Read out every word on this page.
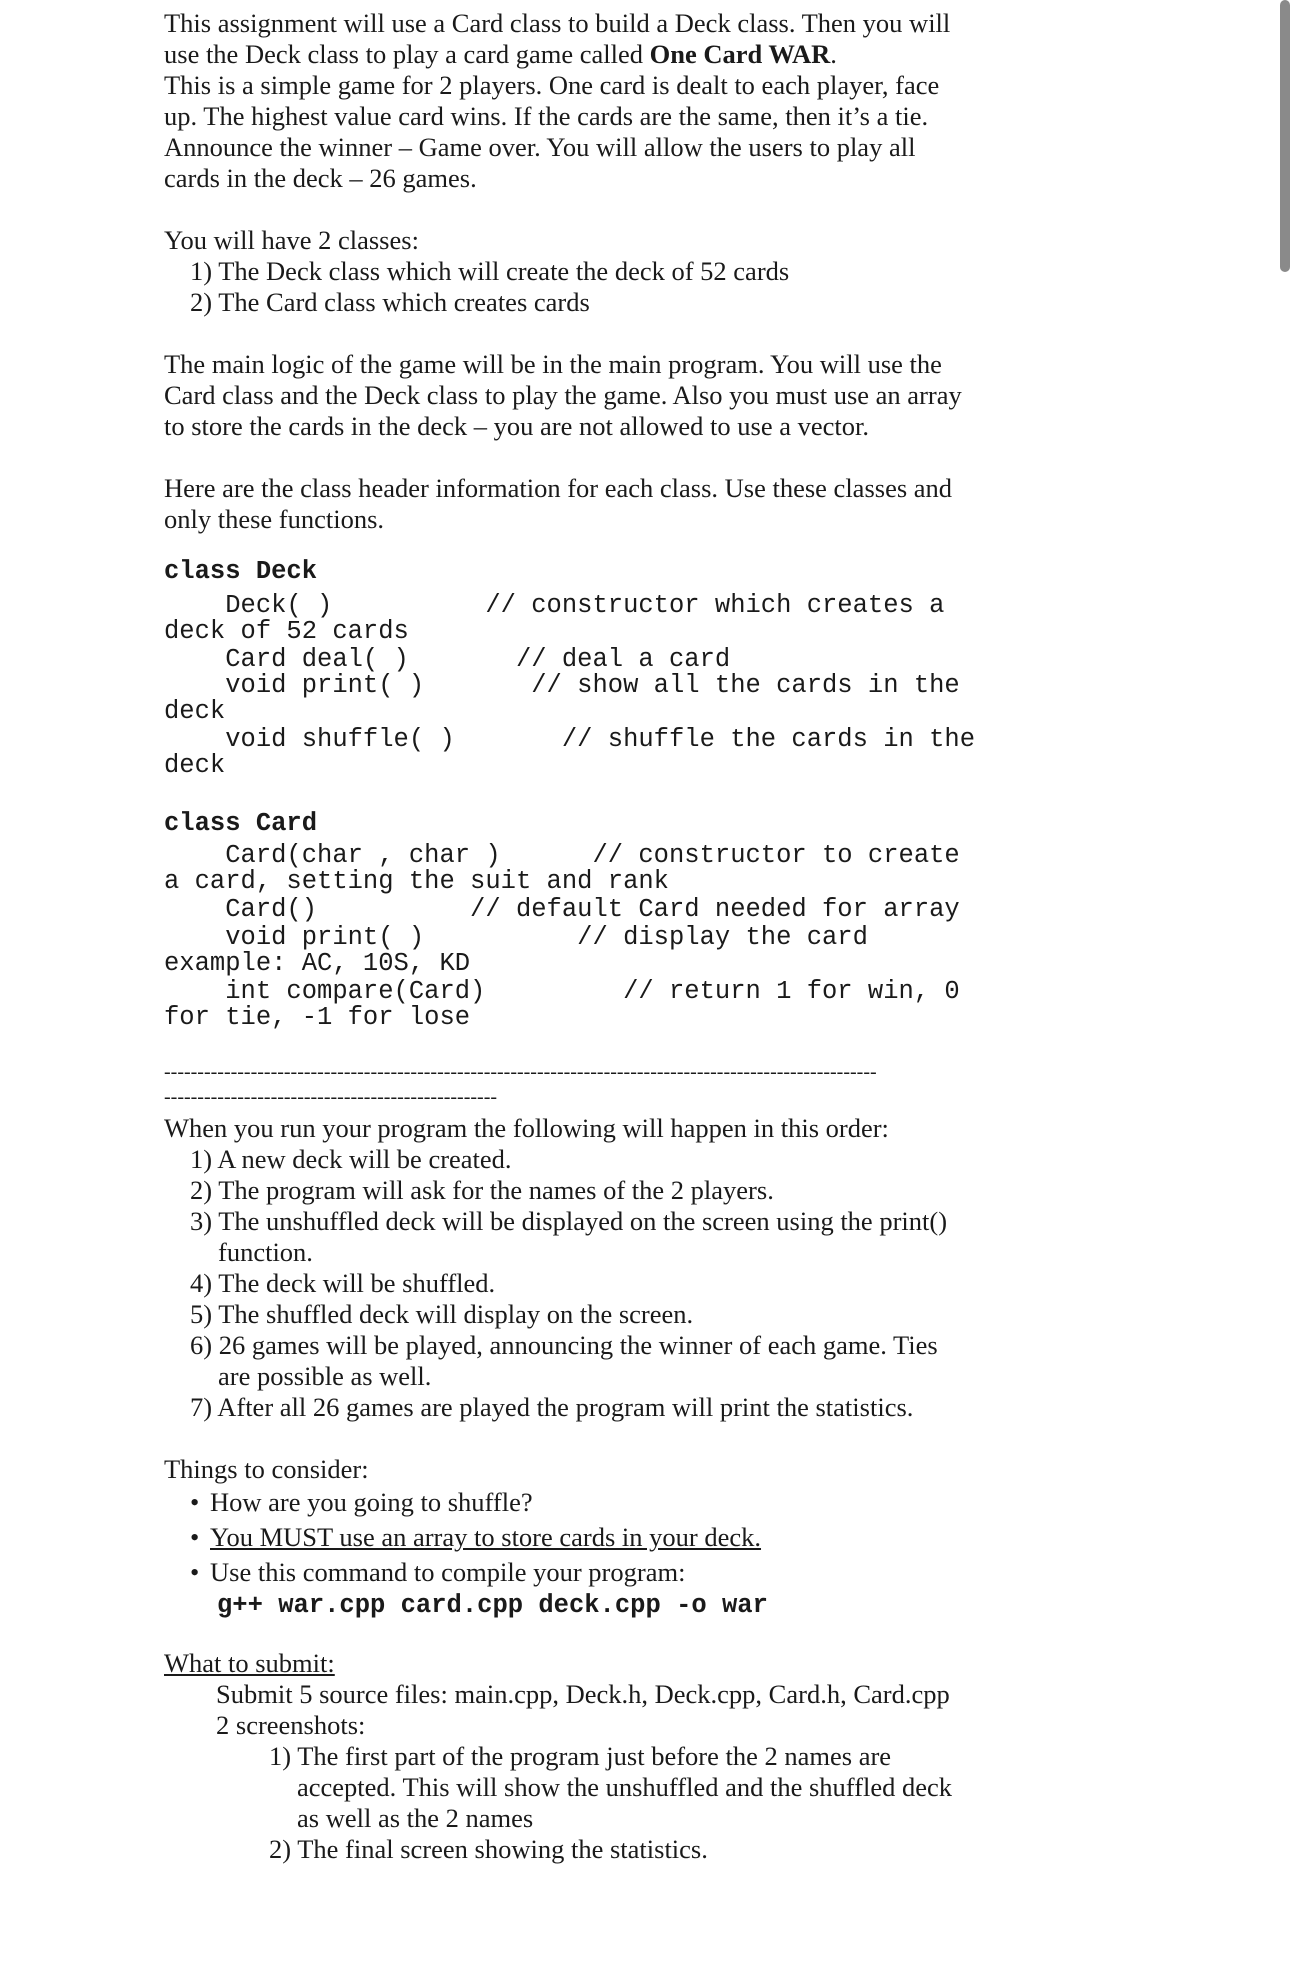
This assignment will use a Card class to build a Deck class. Then you will use the Deck class to play a card game called One Card WAR.

This is a simple game for 2 players. One card is dealt to each player, face up. The highest value card wins. If the cards are the same, then it’s a tie. Announce the winner – Game over. You will allow the users to play all cards in the deck – 26 games.

You will have 2 classes:

1) The Deck class which will create the deck of 52 cards

2) The Card class which creates cards

The main logic of the game will be in the main program. You will use the Card class and the Deck class to play the game. Also you must use an array to store the cards in the deck – you are not allowed to use a vector.

Here are the class header information for each class. Use these classes and only these functions.

class Deck
Deck( )          // constructor which creates a
deck of 52 cards
Card deal( )       // deal a card
void print( )       // show all the cards in the
deck
void shuffle( )       // shuffle the cards in the
deck
class Card
Card(char , char )      // constructor to create
a card, setting the suit and rank
Card()          // default Card needed for array
void print( )          // display the card
example: AC, 10S, KD
int compare(Card)         // return 1 for win, 0
for tie, -1 for lose
-----------------------------------------------------------------------------------------------------------
--------------------------------------------------

When you run your program the following will happen in this order:

1) A new deck will be created.

2) The program will ask for the names of the 2 players.

3) The unshuffled deck will be displayed on the screen using the print() function.

4) The deck will be shuffled.

5) The shuffled deck will display on the screen.

6) 26 games will be played, announcing the winner of each game. Ties are possible as well.

7) After all 26 games are played the program will print the statistics.

Things to consider:

• How are you going to shuffle?
• You MUST use an array to store cards in your deck.
• Use this command to compile your program:
g++ war.cpp card.cpp deck.cpp -o war

What to submit:

Submit 5 source files: main.cpp, Deck.h, Deck.cpp, Card.h, Card.cpp

2 screenshots:

1) The first part of the program just before the 2 names are accepted. This will show the unshuffled and the shuffled deck as well as the 2 names

2) The final screen showing the statistics.
